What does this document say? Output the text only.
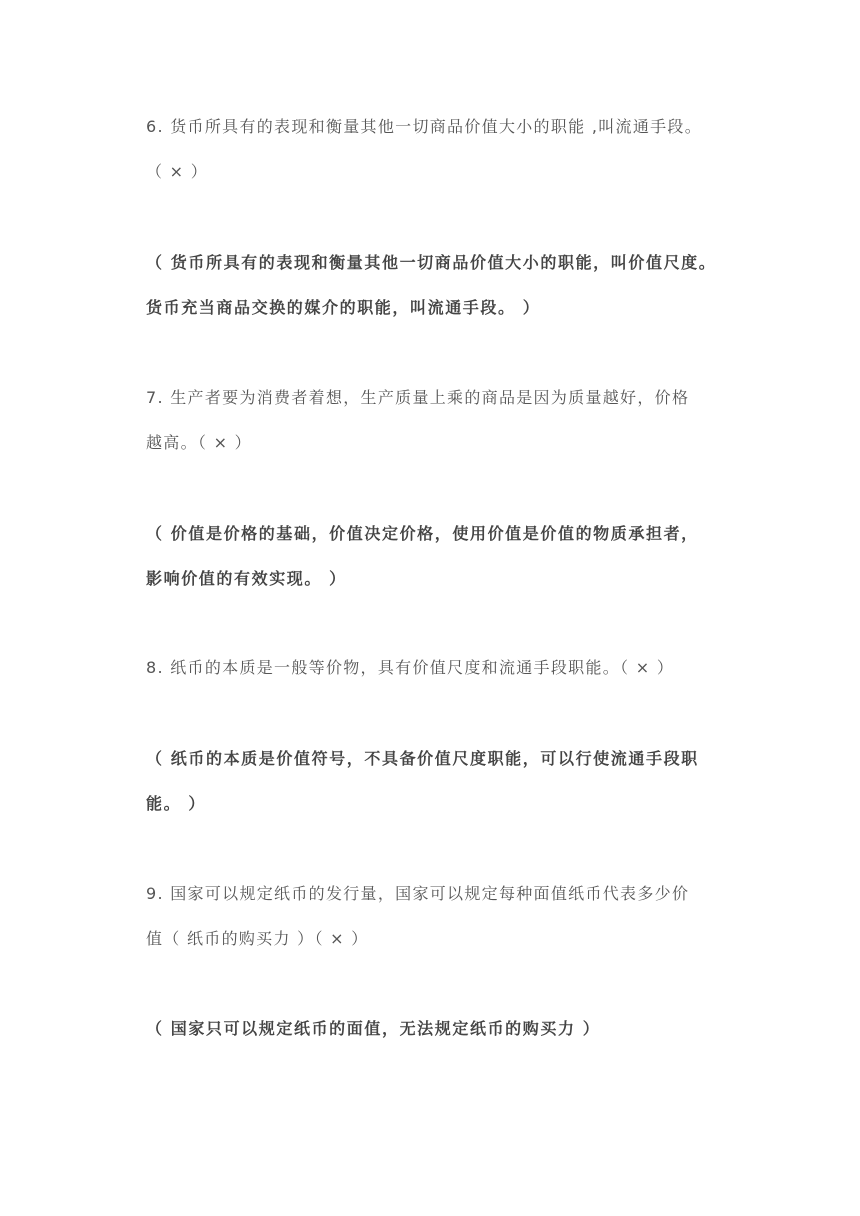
6. 货币所具有的表现和衡量其他一切商品价值大小的职能 ,叫流通手段。
（ × ）
（ 货币所具有的表现和衡量其他一切商品价值大小的职能，叫价值尺度。
货币充当商品交换的媒介的职能，叫流通手段。 ）
7. 生产者要为消费者着想，生产质量上乘的商品是因为质量越好，价格
越高。（ × ）
（ 价值是价格的基础，价值决定价格，使用价值是价值的物质承担者，
影响价值的有效实现。 ）
8. 纸币的本质是一般等价物，具有价值尺度和流通手段职能。（ × ）
（ 纸币的本质是价值符号，不具备价值尺度职能，可以行使流通手段职
能。 ）
9. 国家可以规定纸币的发行量，国家可以规定每种面值纸币代表多少价
值（ 纸币的购买力 ）（ × ）
（ 国家只可以规定纸币的面值，无法规定纸币的购买力 ）
